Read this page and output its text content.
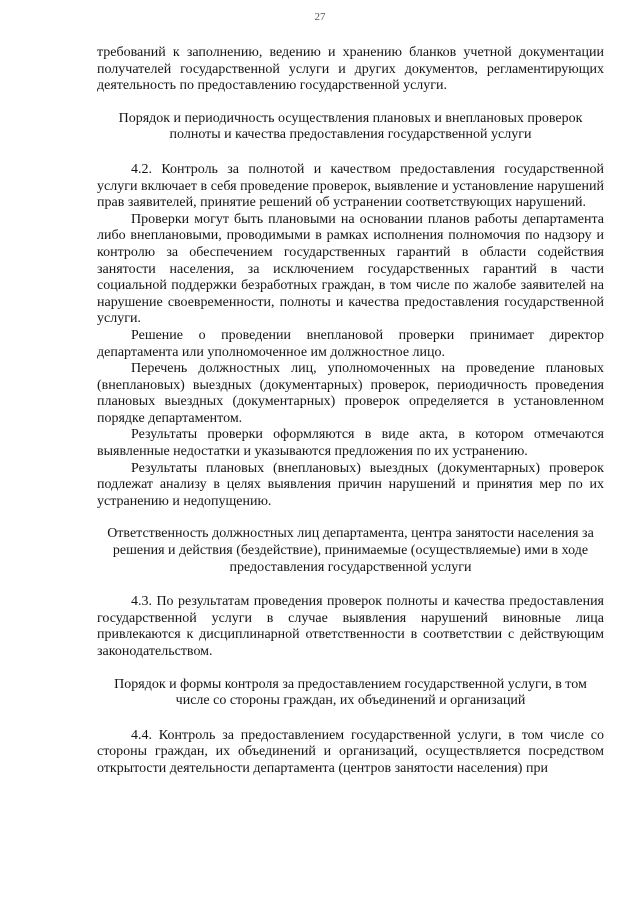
27

требований к заполнению, ведению и хранению бланков учетной документации получателей государственной услуги и других документов, регламентирующих деятельность по предоставлению государственной услуги.

Порядок и периодичность осуществления плановых и внеплановых проверок полноты и качества предоставления государственной услуги

4.2. Контроль за полнотой и качеством предоставления государственной услуги включает в себя проведение проверок, выявление и установление нарушений прав заявителей, принятие решений об устранении соответствующих нарушений.

Проверки могут быть плановыми на основании планов работы департамента либо внеплановыми, проводимыми в рамках исполнения полномочия по надзору и контролю за обеспечением государственных гарантий в области содействия занятости населения, за исключением государственных гарантий в части социальной поддержки безработных граждан, в том числе по жалобе заявителей на нарушение своевременности, полноты и качества предоставления государственной услуги.

Решение о проведении внеплановой проверки принимает директор департамента или уполномоченное им должностное лицо.

Перечень должностных лиц, уполномоченных на проведение плановых (внеплановых) выездных (документарных) проверок, периодичность проведения плановых выездных (документарных) проверок определяется в установленном порядке департаментом.

Результаты проверки оформляются в виде акта, в котором отмечаются выявленные недостатки и указываются предложения по их устранению.

Результаты плановых (внеплановых) выездных (документарных) проверок подлежат анализу в целях выявления причин нарушений и принятия мер по их устранению и недопущению.

Ответственность должностных лиц департамента, центра занятости населения за решения и действия (бездействие), принимаемые (осуществляемые) ими в ходе предоставления государственной услуги

4.3. По результатам проведения проверок полноты и качества предоставления государственной услуги в случае выявления нарушений виновные лица привлекаются к дисциплинарной ответственности в соответствии с действующим законодательством.

Порядок и формы контроля за предоставлением государственной услуги, в том числе со стороны граждан, их объединений и организаций

4.4. Контроль за предоставлением государственной услуги, в том числе со стороны граждан, их объединений и организаций, осуществляется посредством открытости деятельности департамента (центров занятости населения) при
